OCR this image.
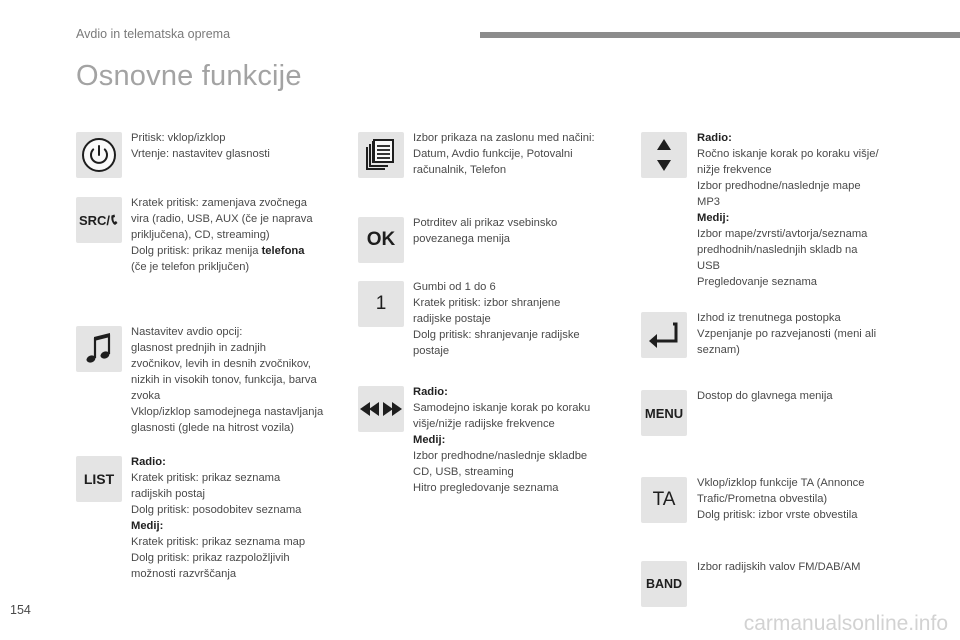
Avdio in telematska oprema
Osnovne funkcije

Pritisk: vklop/izklop

Vrtenje: nastavitev glasnosti

SRC/

Kratek pritisk: zamenjava zvočnega

vira (radio, USB, AUX (če je naprava

priključena), CD, streaming)

Dolg pritisk: prikaz menija telefona

(če je telefon priključen)

Nastavitev avdio opcij:

glasnost prednjih in zadnjih

zvočnikov, levih in desnih zvočnikov,

nizkih in visokih tonov, funkcija, barva

zvoka

Vklop/izklop samodejnega nastavljanja

glasnosti (glede na hitrost vozila)

LIST

Radio:

Kratek pritisk: prikaz seznama

radijskih postaj

Dolg pritisk: posodobitev seznama

Medij:

Kratek pritisk: prikaz seznama map

Dolg pritisk: prikaz razpoložljivih

možnosti razvrščanja

Izbor prikaza na zaslonu med načini:

Datum, Avdio funkcije, Potovalni

računalnik, Telefon

OK

Potrditev ali prikaz vsebinsko

povezanega menija

1

Gumbi od 1 do 6

Kratek pritisk: izbor shranjene

radijske postaje

Dolg pritisk: shranjevanje radijske

postaje

Radio:

Samodejno iskanje korak po koraku

višje/nižje radijske frekvence

Medij:

Izbor predhodne/naslednje skladbe

CD, USB, streaming

Hitro pregledovanje seznama

Radio:

Ročno iskanje korak po koraku višje/

nižje frekvence

Izbor predhodne/naslednje mape

MP3

Medij:

Izbor mape/zvrsti/avtorja/seznama

predhodnih/naslednjih skladb na

USB

Pregledovanje seznama

Izhod iz trenutnega postopka

Vzpenjanje po razvejanosti (meni ali

seznam)

MENU

Dostop do glavnega menija

TA

Vklop/izklop funkcije TA (Annonce

Trafic/Prometna obvestila)

Dolg pritisk: izbor vrste obvestila

BAND

Izbor radijskih valov FM/DAB/AM

154
carmanualsonline.info
